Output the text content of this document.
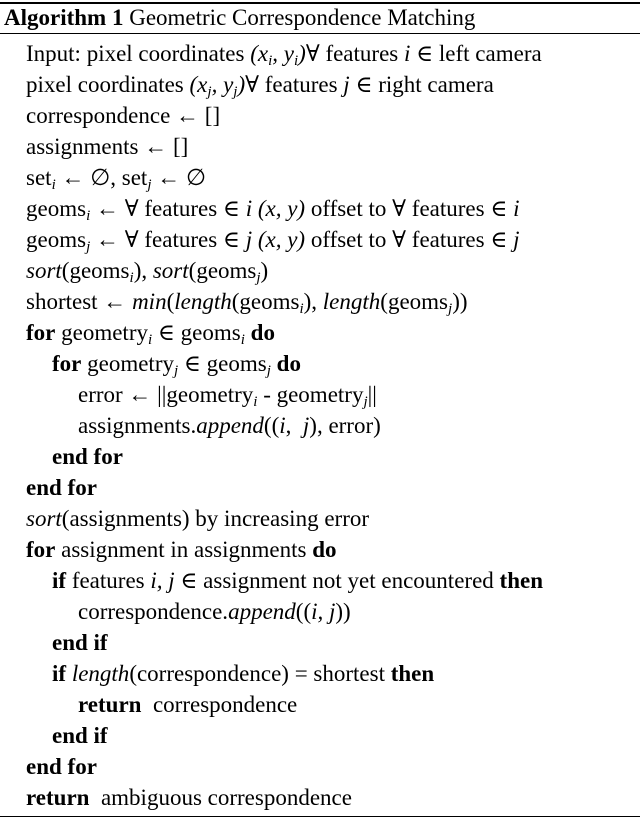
Algorithm 1 Geometric Correspondence Matching
Input: pixel coordinates ($x_i$, $y_i)\forall$ features i ∈ left camera
pixel coordinates ($x_j$, $y_j)\forall$ features j ∈ right camera
correspondence ← []
assignments ← []
set$_i$ ← ∅, set$_j$ ← ∅
geoms$_i$ ← ∀ features ∈ i (x, y) offset to ∀ features ∈ i
geoms$_j$ ← ∀ features ∈ j (x, y) offset to ∀ features ∈ j
sort(geoms$_i$), sort(geoms$_j$)
shortest ← min(length(geoms$_i$), length(geoms$_j$))
for geometry$_i$ ∈ geoms$_i$ do
for geometry$_j$ ∈ geoms$_j$ do
error ← ||geometry$_i$ - geometry$_j$||
assignments.append((i,  j), error)
end for
end for
sort(assignments) by increasing error
for assignment in assignments do
if features i, j ∈ assignment not yet encountered then
correspondence.append((i, j))
end if
if length(correspondence) = shortest then
return  correspondence
end if
end for
return  ambiguous correspondence
